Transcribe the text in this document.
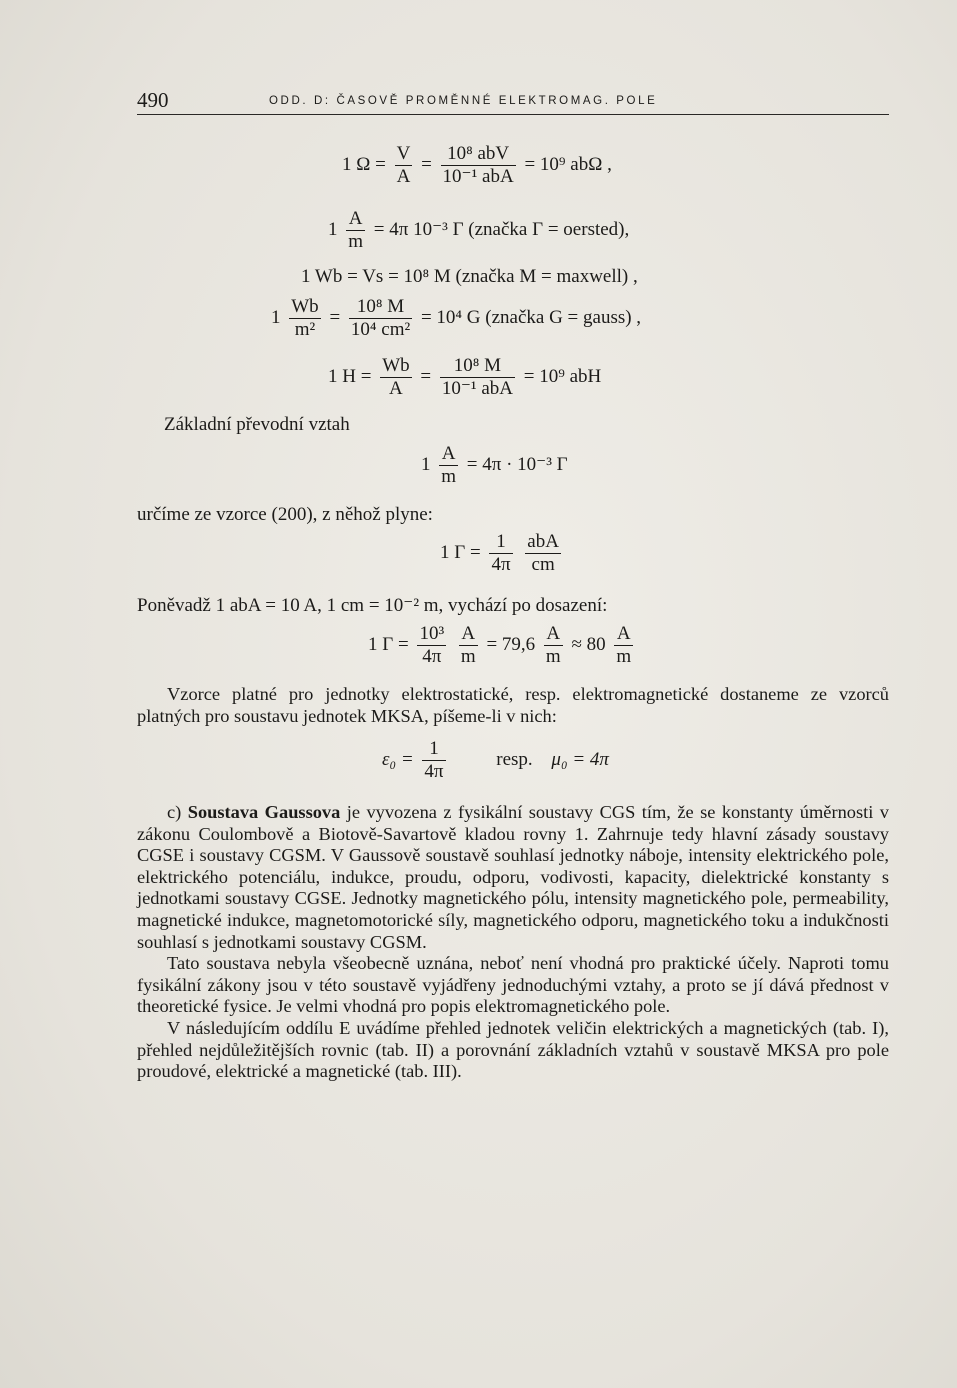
490	ODD. D: ČASOVĚ PROMĚNNÉ ELEKTROMAG. POLE
1 $\Omega = \frac{V}{A} = \frac{\text{10⁸ abV}}{\text{10⁻¹ abA}} = 10^9$ abΩ ,
$1 \frac{A}{m} = 4\pi$ 10⁻³ Γ (značka Γ = oersted),
1 Wb = Vs = 10⁸ M (značka M = maxwell) ,
$1 \frac{Wb}{\text{m²}} = \frac{\text{10⁸ M}}{\text{10⁴ cm²}} = 10^4$ G (značka G = gauss) ,
1 $H = \frac{Wb}{A} = \frac{\text{10⁸ M}}{\text{10⁻¹ abA}} = 10^9$ abH
Základní převodní vztah
$1 \frac{A}{m} = 4\pi \cdot 10^{-3}$ Γ
určíme ze vzorce (200), z něhož plyne:
1 $\Gamma = \frac{1}{4\pi}$
$\frac{\text{abA}}{cm}$
Poněvadž 1 abA = 10 A, 1 cm = 10⁻² m, vychází po dosazení:
1 $\Gamma = \frac{\text{10³}}{4\pi}$
$\frac{A}{m} = 79,6 \frac{A}{m} \approx 80 \frac{A}{m}$

Vzorce platné pro jednotky elektrostatické, resp. elektromagnetické dostaneme ze vzorců platných pro soustavu jednotek MKSA, píšeme-li v nich:

$\varepsilon_0 = \frac{1}{4\pi}$	resp. μ₀ = 4π

c) Soustava Gaussova je vyvozena z fysikální soustavy CGS tím, že se konstanty úměrnosti v zákonu Coulombově a Biotově-Savartově kladou rovny 1. Zahrnuje tedy hlavní zásady soustavy CGSE i soustavy CGSM. V Gaussově soustavě souhlasí jednotky náboje, intensity elektrického pole, elektrického potenciálu, indukce, proudu, odporu, vodivosti, kapacity, dielektrické konstanty s jednotkami soustavy CGSE. Jednotky magnetického pólu, intensity magnetického pole, permeability, magnetické indukce, magnetomotorické síly, magnetického odporu, magnetického toku a indukčnosti souhlasí s jednotkami soustavy CGSM.

Tato soustava nebyla všeobecně uznána, neboť není vhodná pro praktické účely. Naproti tomu fysikální zákony jsou v této soustavě vyjádřeny jednoduchými vztahy, a proto se jí dává přednost v theoretické fysice. Je velmi vhodná pro popis elektromagnetického pole.

V následujícím oddílu E uvádíme přehled jednotek veličin elektrických a magnetických (tab. I), přehled nejdůležitějších rovnic (tab. II) a porovnání základních vztahů v soustavě MKSA pro pole proudové, elektrické a magnetické (tab. III).
